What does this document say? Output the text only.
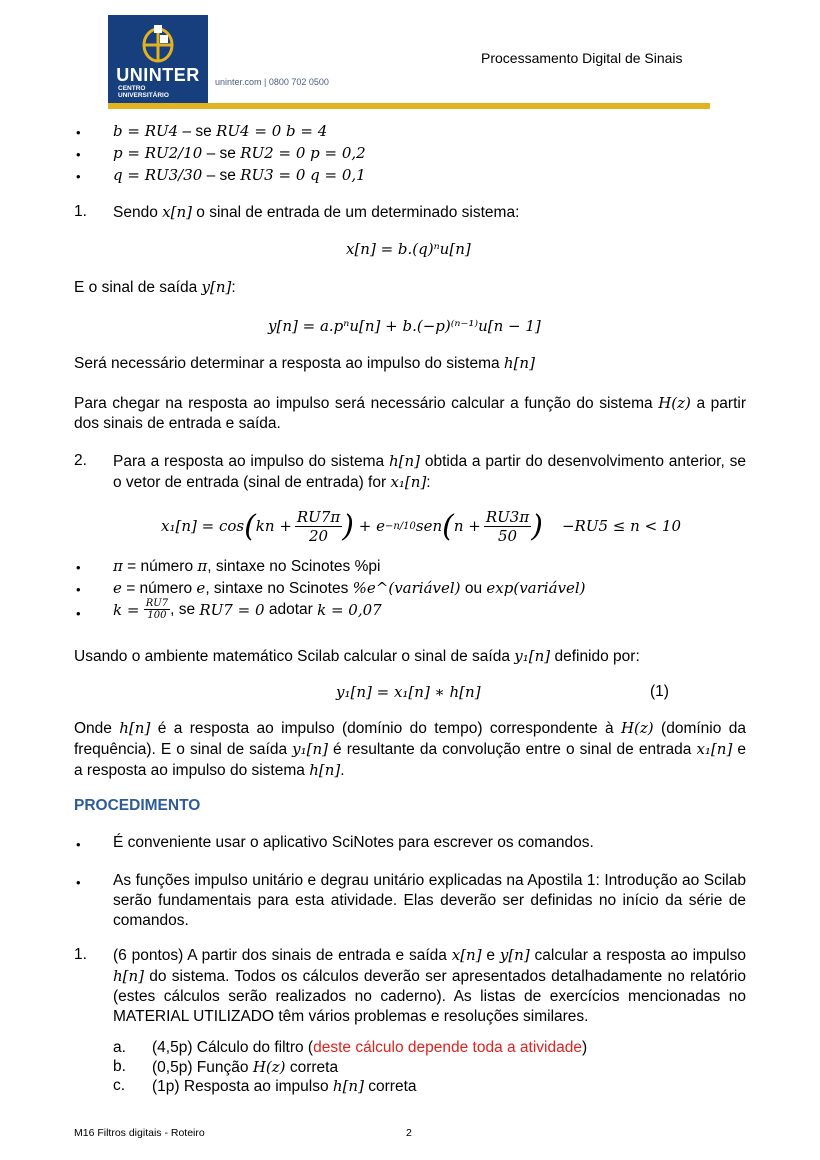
UNINTER
CENTRO
UNIVERSITÁRIO
uninter.com | 0800 702 0500
Processamento Digital de Sinais
• b = RU4 – se RU4 = 0 b = 4
• p = RU2/10 – se RU2 = 0 p = 0,2
• q = RU3/30 – se RU3 = 0 q = 0,1
1. Sendo x[n] o sinal de entrada de um determinado sistema:
x[n] = b.(q)ⁿu[n]
E o sinal de saída y[n]:
y[n] = a.pⁿu[n] + b.(−p)⁽ⁿ⁻¹⁾u[n − 1]
Será necessário determinar a resposta ao impulso do sistema h[n]
Para chegar na resposta ao impulso será necessário calcular a função do sistema H(z) a partir dos sinais de entrada e saída.
2. Para a resposta ao impulso do sistema h[n] obtida a partir do desenvolvimento anterior, se o vetor de entrada (sinal de entrada) for x₁[n]:
x₁[n] = cos ( kn + $\frac{RU7\pi}{20}$ )
+ e −n/10 sen ( $n + \frac{RU3\pi}{50}$ )
−RU5 ≤ n < 10
• π = número π, sintaxe no Scinotes %pi
• e = número e, sintaxe no Scinotes %e^(variável) ou exp(variável)
• k =
$\frac{RU7}{100}$ , se
RU7 = 0
adotar
k = 0,07
Usando o ambiente matemático Scilab calcular o sinal de saída y₁[n] definido por:
y₁[n] = x₁[n] ∗ h[n]	(1)
Onde h[n] é a resposta ao impulso (domínio do tempo) correspondente à H(z) (domínio da frequência). E o sinal de saída y₁[n] é resultante da convolução entre o sinal de entrada x₁[n] e a resposta ao impulso do sistema h[n].
PROCEDIMENTO
• É conveniente usar o aplicativo SciNotes para escrever os comandos.
• As funções impulso unitário e degrau unitário explicadas na Apostila 1: Introdução ao Scilab serão fundamentais para esta atividade. Elas deverão ser definidas no início da série de comandos.
1. (6 pontos) A partir dos sinais de entrada e saída x[n] e y[n] calcular a resposta ao impulso h[n] do sistema. Todos os cálculos deverão ser apresentados detalhadamente no relatório (estes cálculos serão realizados no caderno). As listas de exercícios mencionadas no MATERIAL UTILIZADO têm vários problemas e resoluções similares.
a. (4,5p) Cálculo do filtro (deste cálculo depende toda a atividade)
b. (0,5p) Função H(z) correta
c. (1p) Resposta ao impulso h[n] correta
M16 Filtros digitais - Roteiro	2
